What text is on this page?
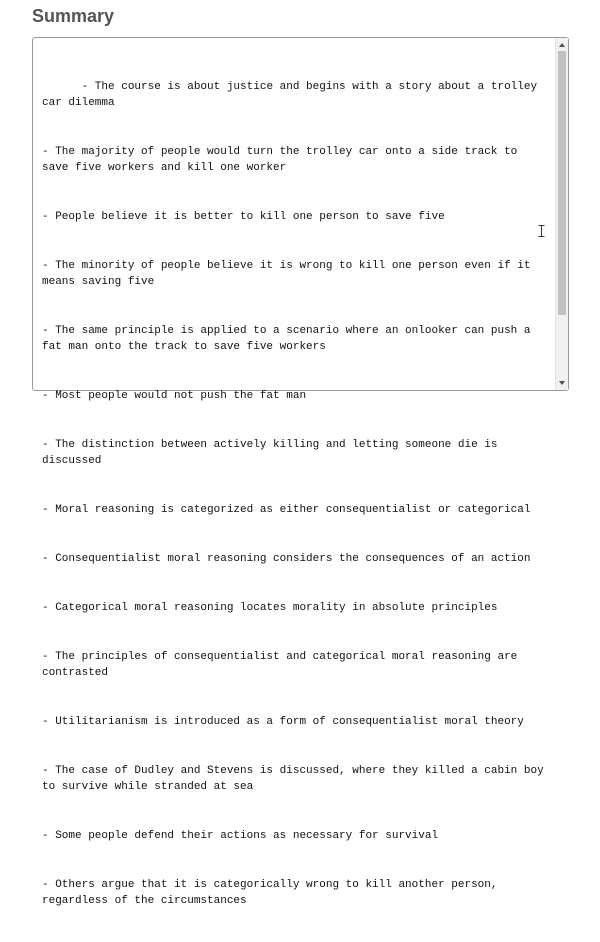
Summary

- The course is about justice and begins with a story about a trolley car dilemma

- The majority of people would turn the trolley car onto a side track to save five workers and kill one worker

- People believe it is better to kill one person to save five

- The minority of people believe it is wrong to kill one person even if it means saving five

- The same principle is applied to a scenario where an onlooker can push a fat man onto the track to save five workers

- Most people would not push the fat man

- The distinction between actively killing and letting someone die is discussed

- Moral reasoning is categorized as either consequentialist or categorical

- Consequentialist moral reasoning considers the consequences of an action

- Categorical moral reasoning locates morality in absolute principles

- The principles of consequentialist and categorical moral reasoning are contrasted

- Utilitarianism is introduced as a form of consequentialist moral theory

- The case of Dudley and Stevens is discussed, where they killed a cabin boy to survive while stranded at sea

- Some people defend their actions as necessary for survival

- Others argue that it is categorically wrong to kill another person, regardless of the circumstances
